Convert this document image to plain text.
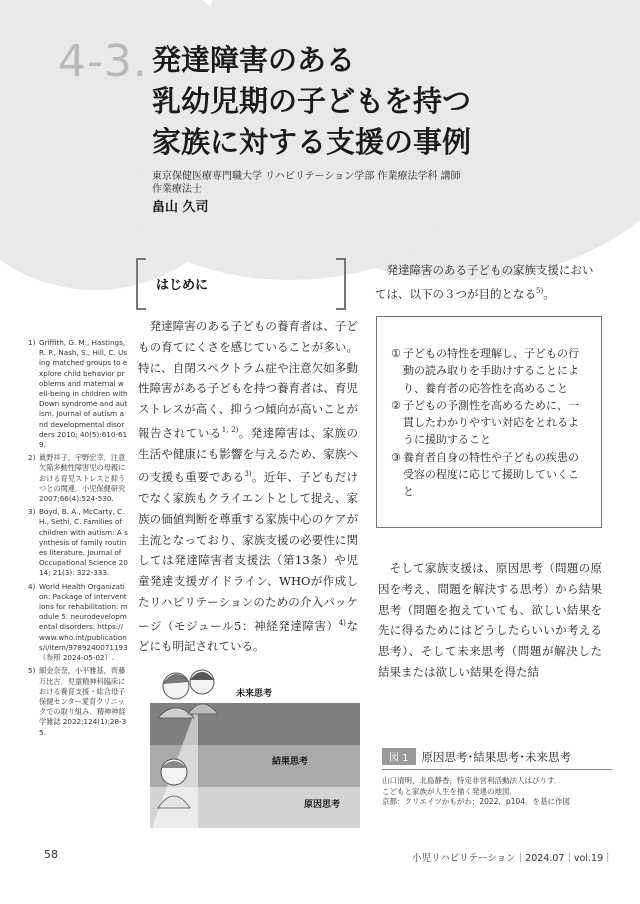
4-3. 発達障害のある
乳幼児期の子どもを持つ
家族に対する支援の事例
東京保健医療専門職大学 リハビリテーション学部 作業療法学科 講師
作業療法士
畠山 久司
はじめに

発達障害のある子どもの養育者は、子どもの育てにくさを感じていることが多い。特に、自閉スペクトラム症や注意欠如多動性障害がある子どもを持つ養育者は、育児ストレスが高く、抑うつ傾向が高いことが報告されている$^{1, 2)}$。発達障害は、家族の生活や健康にも影響を与えるため、家族への支援も重要である$^{3)}$。近年、子どもだけでなく家族もクライエントとして捉え、家族の価値判断を尊重する家族中心のケアが主流となっており、家族支援の必要性に関しては発達障害者支援法（第13条）や児童発達支援ガイドライン、WHOが作成したリハビリテーションのための介入パッケージ（モジュール5：神経発達障害）$^{4)}$などにも明記されている。

1) Griffith, G. M., Hastings, R. P., Nash, S., Hill, C. Using matched groups to explore child behavior problems and maternal well-being in children with Down syndrome and autism. Journal of autism and developmental disorders 2010; 40(5):610-619.
2) 眞野祥子，宇野宏幸．注意欠陥多動性障害児の母親における育児ストレスと抑うつとの関連．小児保健研究 2007;66(4):524-530.
3) Boyd, B. A., McCarty, C. H., Sethi, C. Families of children with autism: A synthesis of family routines literature. Journal of Occupational Science 2014; 21(3): 322-333.
4) World Health Organization: Package of interventions for rehabilitation: module 5: neurodevelopmental disorders. https://www.who.int/publications/i/item/9789240071193（参照 2024-05-02）.
5) 細金奈奈，小平雅基，齊藤万比古．児童精神科臨床における養育支援・総合母子保健センター愛育クリニックでの取り組み．精神神経学雑誌 2022;124(1):28-35.

発達障害のある子どもの家族支援においては、以下の３つが目的となる$^{5)}$。

① 子どもの特性を理解し、子どもの行動の読み取りを手助けすることにより、養育者の応答性を高めること
② 子どもの予測性を高めるために、一貫したわかりやすい対応をとれるように援助すること
③ 養育者自身の特性や子どもの疾患の受容の程度に応じて援助していくこと

そして家族支援は、原因思考（問題の原因を考え、問題を解決する思考）から結果思考（問題を抱えていても、欲しい結果を先に得るためにはどうしたらいいか考える思考）、そして未来思考（問題が解決した結果または欲しい結果を得た結

未来思考
結果思考
原因思考
図 1	原因思考･結果思考･未来思考
山口清明，北島静香，特定非営利活動法人はびりす．
こどもと家族が人生を描く発達の地図．
京都：クリエイツかもがわ；2022．p104．を基に作図
58	小児リハビリテーション｜2024.07｜vol.19｜
